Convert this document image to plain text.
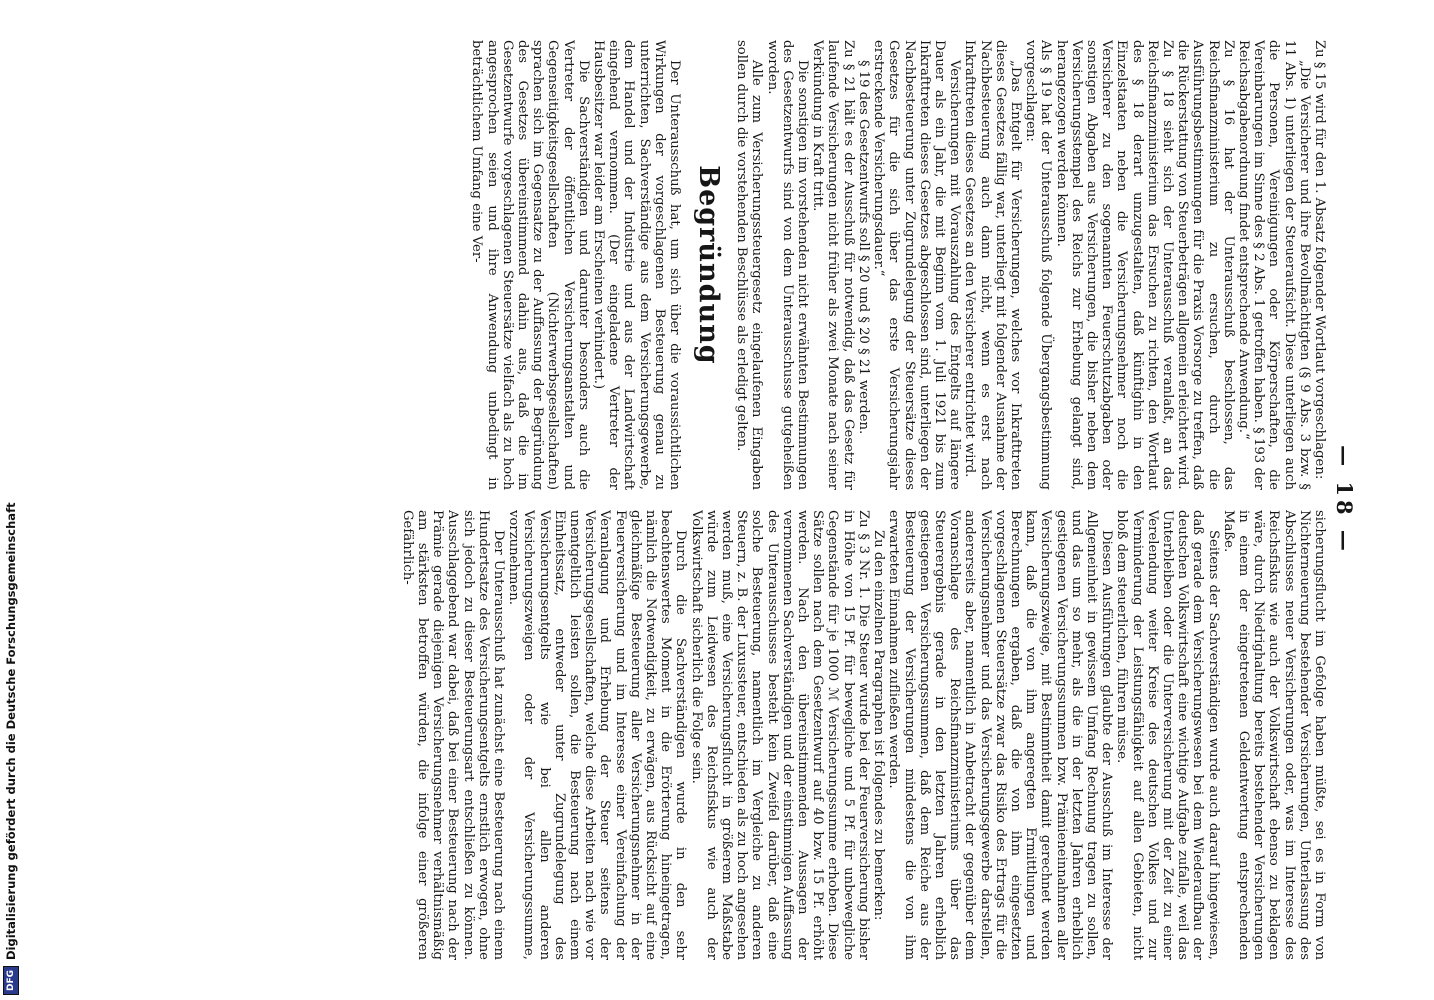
— 18 —

Zu § 15 wird für den 1. Absatz folgender Wortlaut vorgeschlagen:

„Die Versicherer und ihre Bevollmächtigten (§ 9 Abs. 3 bzw. § 11 Abs. 1) unterliegen der Steueraufsicht. Diese unterliegen auch die Personen, Vereinigungen oder Körperschaften, die Vereinbarungen im Sinne des § 2 Abs. 1 getroffen haben. § 193 der Reichsabgabenordnung findet entsprechende Anwendung.“

Zu § 16 hat der Unterausschuß beschlossen, das Reichsfinanzministerium zu ersuchen, durch die Ausführungsbestimmungen für die Praxis Vorsorge zu treffen, daß die Rückerstattung von Steuerbeträgen allgemein erleichtert wird.

Zu § 18 sieht sich der Unterausschuß veranlaßt, an das Reichsfinanzministerium das Ersuchen zu richten, den Wortlaut des § 18 derart umzugestalten, daß künftighin in den Einzelstaaten neben die Versicherungsnehmer noch die Versicherer zu den sogenannten Feuerschutzabgaben oder sonstigen Abgaben aus Versicherungen, die bisher neben dem Versicherungsstempel des Reichs zur Erhebung gelangt sind, herangezogen werden können.

Als § 19 hat der Unterausschuß folgende Übergangsbestimmung vorgeschlagen:

„Das Entgelt für Versicherungen, welches vor Inkrafttreten dieses Gesetzes fällig war, unterliegt mit folgender Ausnahme der Nachbesteuerung auch dann nicht, wenn es erst nach Inkrafttreten dieses Gesetzes an den Versicherer entrichtet wird.

Versicherungen mit Vorauszahlung des Entgelts auf längere Dauer als ein Jahr, die mit Beginn vom 1. Juli 1921 bis zum Inkrafttreten dieses Gesetzes abgeschlossen sind, unterliegen der Nachbesteuerung unter Zugrundelegung der Steuersätze dieses Gesetzes für die sich über das erste Versicherungsjahr erstreckende Versicherungsdauer.“

§ 19 des Gesetzentwurfs soll § 20 und § 20 § 21 werden.

Zu § 21 hält es der Ausschuß für notwendig, daß das Gesetz für laufende Versicherungen nicht früher als zwei Monate nach seiner Verkündung in Kraft tritt.

Die sonstigen im vorstehenden nicht erwähnten Bestimmungen des Gesetzentwurfs sind von dem Unterausschusse gutgeheißen worden.

Alle zum Versicherungssteuergesetz eingelaufenen Eingaben sollen durch die vorstehenden Beschlüsse als erledigt gelten.

Begründung

Der Unterausschuß hat, um sich über die voraussichtlichen Wirkungen der vorgeschlagenen Besteuerung genau zu unterrichten, Sachverständige aus dem Versicherungsgewerbe, dem Handel und der Industrie und aus der Landwirtschaft eingehend vernommen. (Der eingeladene Vertreter der Hausbesitzer war leider am Erscheinen verhindert.)

Die Sachverständigen und darunter besonders auch die Vertreter der öffentlichen Versicherungsanstalten und Gegenseitigkeitsgesellschaften (Nichterwerbsgesellschaften) sprachen sich im Gegensatze zu der Auffassung der Begründung des Gesetzes übereinstimmend dahin aus, daß die im Gesetzentwurfe vorgeschlagenen Steuersätze vielfach als zu hoch angesprochen seien und ihre Anwendung unbedingt in beträchtlichem Umfang eine Ver-

sicherungsflucht im Gefolge haben müßte, sei es in Form von Nichterneuerung bestehender Versicherungen, Unterlassung des Abschlusses neuer Versicherungen oder, was im Interesse des Reichsfiskus wie auch der Volkswirtschaft ebenso zu beklagen wäre, durch Niedrighaltung bereits bestehender Versicherungen in einem der eingetretenen Geldentwertung entsprechenden Maße.

Seitens der Sachverständigen wurde auch darauf hingewiesen, daß gerade dem Versicherungswesen bei dem Wiederaufbau der deutschen Volkswirtschaft eine wichtige Aufgabe zufalle, weil das Unterbleiben oder die Unterversicherung mit der Zeit zu einer Verelendung weiter Kreise des deutschen Volkes und zur Verminderung der Leistungsfähigkeit auf allen Gebieten, nicht bloß dem steuerlichen, führen müsse.

Diesen Ausführungen glaubte der Ausschuß im Interesse der Allgemeinheit in gewissem Umfang Rechnung tragen zu sollen, und das um so mehr, als die in der letzten Jahren erheblich gestiegenen Versicherungssummen bzw. Prämieneinnahmen aller Versicherungszweige, mit Bestimmtheit damit gerechnet werden kann, daß die von ihm angeregten Ermittlungen und Berechnungen ergaben, daß die von ihm eingesetzten vorgeschlagenen Steuersätze zwar das Risiko des Ertrags für die Versicherungsnehmer und das Versicherungsgewerbe darstellen, andererseits aber, namentlich in Anbetracht der gegenüber dem Voranschlage des Reichsfinanzministeriums über das Steuerergebnis gerade in den letzten Jahren erheblich gestiegenen Versicherungssummen, daß dem Reiche aus der Besteuerung der Versicherungen mindestens die von ihm erwarteten Einnahmen zufließen werden.

Zu den einzelnen Paragraphen ist folgendes zu bemerken:

Zu § 3 Nr. 1. Die Steuer wurde bei der Feuerversicherung bisher in Höhe von 15 Pf. für bewegliche und 5 Pf. für unbewegliche Gegenstände für je 1000 ℳ Versicherungssumme erhoben. Diese Sätze sollen nach dem Gesetzentwurf auf 40 bzw. 15 Pf. erhöht werden. Nach den übereinstimmenden Aussagen der vernommenen Sachverständigen und der einstimmigen Auffassung des Unterausschusses besteht kein Zweifel darüber, daß eine solche Besteuerung, namentlich im Vergleiche zu anderen Steuern, z. B. der Luxussteuer, entschieden als zu hoch angesehen werden muß, eine Versicherungsflucht in größerem Maßstabe würde zum Leidwesen des Reichsfiskus wie auch der Volkswirtschaft sicherlich die Folge sein.

Durch die Sachverständigen wurde in den sehr beachtenswertes Moment in die Erörterung hineingetragen, nämlich die Notwendigkeit, zu erwägen, aus Rücksicht auf eine gleichmäßige Besteuerung aller Versicherungsnehmer in der Feuerversicherung und im Interesse einer Vereinfachung der Veranlagung und Erhebung der Steuer seitens der Versicherungsgesellschaften, welche diese Arbeiten nach wie vor unentgeltlich leisten sollen, die Besteuerung nach einem Einheitssatz, entweder unter Zugrundelegung des Versicherungsentgelts wie bei allen anderen Versicherungszweigen oder der Versicherungssumme, vorzunehmen.

Der Unterausschuß hat zunächst eine Besteuerung nach einem Hundertsatze des Versicherungsentgelts ernstlich erwogen, ohne sich jedoch zu dieser Besteuerungsart entschließen zu können. Ausschlaggebend war dabei, daß bei einer Besteuerung nach der Prämie gerade diejenigen Versicherungsnehmer verhältnismäßig am stärksten betroffen würden, die infolge einer größeren Gefährlich-

DFG
Digitalisierung gefördert durch die Deutsche Forschungsgemeinschaft
